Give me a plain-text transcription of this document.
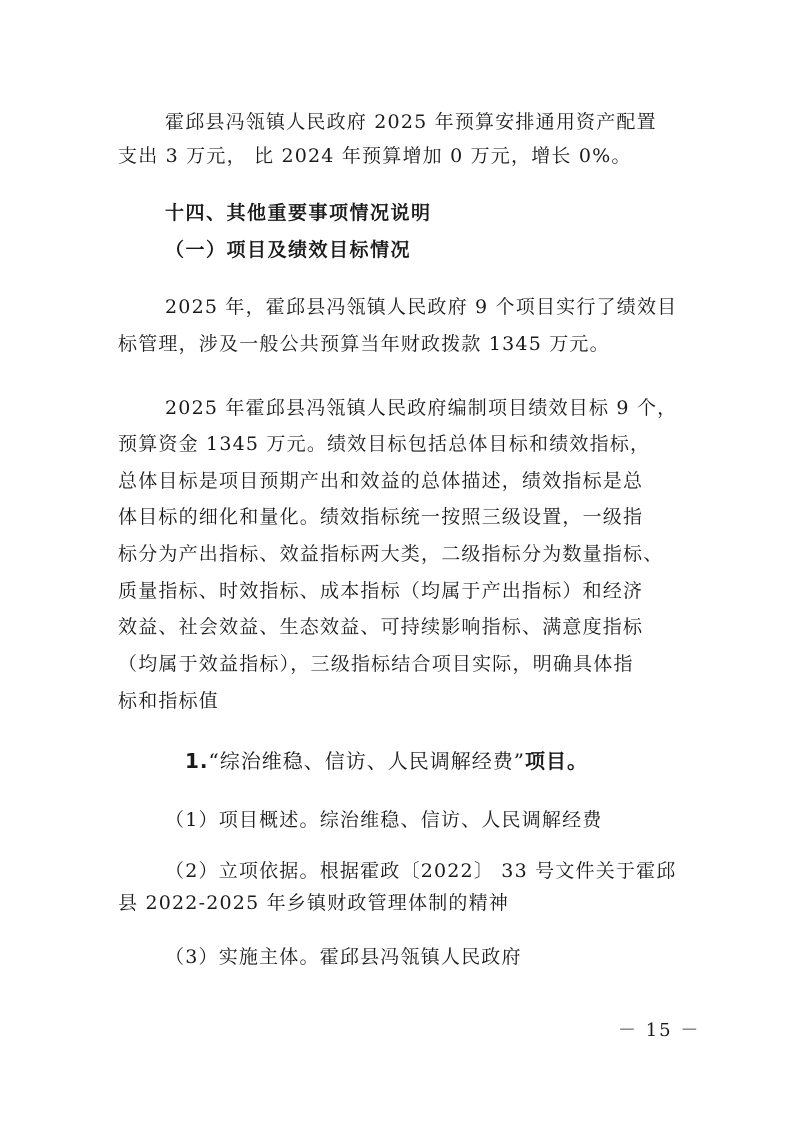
霍邱县冯瓴镇人民政府 2025 年预算安排通用资产配置
支出 3 万元， 比 2024 年预算增加 0 万元，增长 0%。
十四、其他重要事项情况说明
（一）项目及绩效目标情况
2025 年，霍邱县冯瓴镇人民政府 9 个项目实行了绩效目
标管理，涉及一般公共预算当年财政拨款 1345 万元。
2025 年霍邱县冯瓴镇人民政府编制项目绩效目标 9 个，
预算资金 1345 万元。绩效目标包括总体目标和绩效指标，
总体目标是项目预期产出和效益的总体描述，绩效指标是总
体目标的细化和量化。绩效指标统一按照三级设置，一级指
标分为产出指标、效益指标两大类，二级指标分为数量指标、
质量指标、时效指标、成本指标（均属于产出指标）和经济
效益、社会效益、生态效益、可持续影响指标、满意度指标
（均属于效益指标），三级指标结合项目实际，明确具体指
标和指标值
1.“综治维稳、信访、人民调解经费”项目。
（1）项目概述。综治维稳、信访、人民调解经费
（2）立项依据。根据霍政〔2022〕 33 号文件关于霍邱
县 2022-2025 年乡镇财政管理体制的精神
（3）实施主体。霍邱县冯瓴镇人民政府
－ 15 －
